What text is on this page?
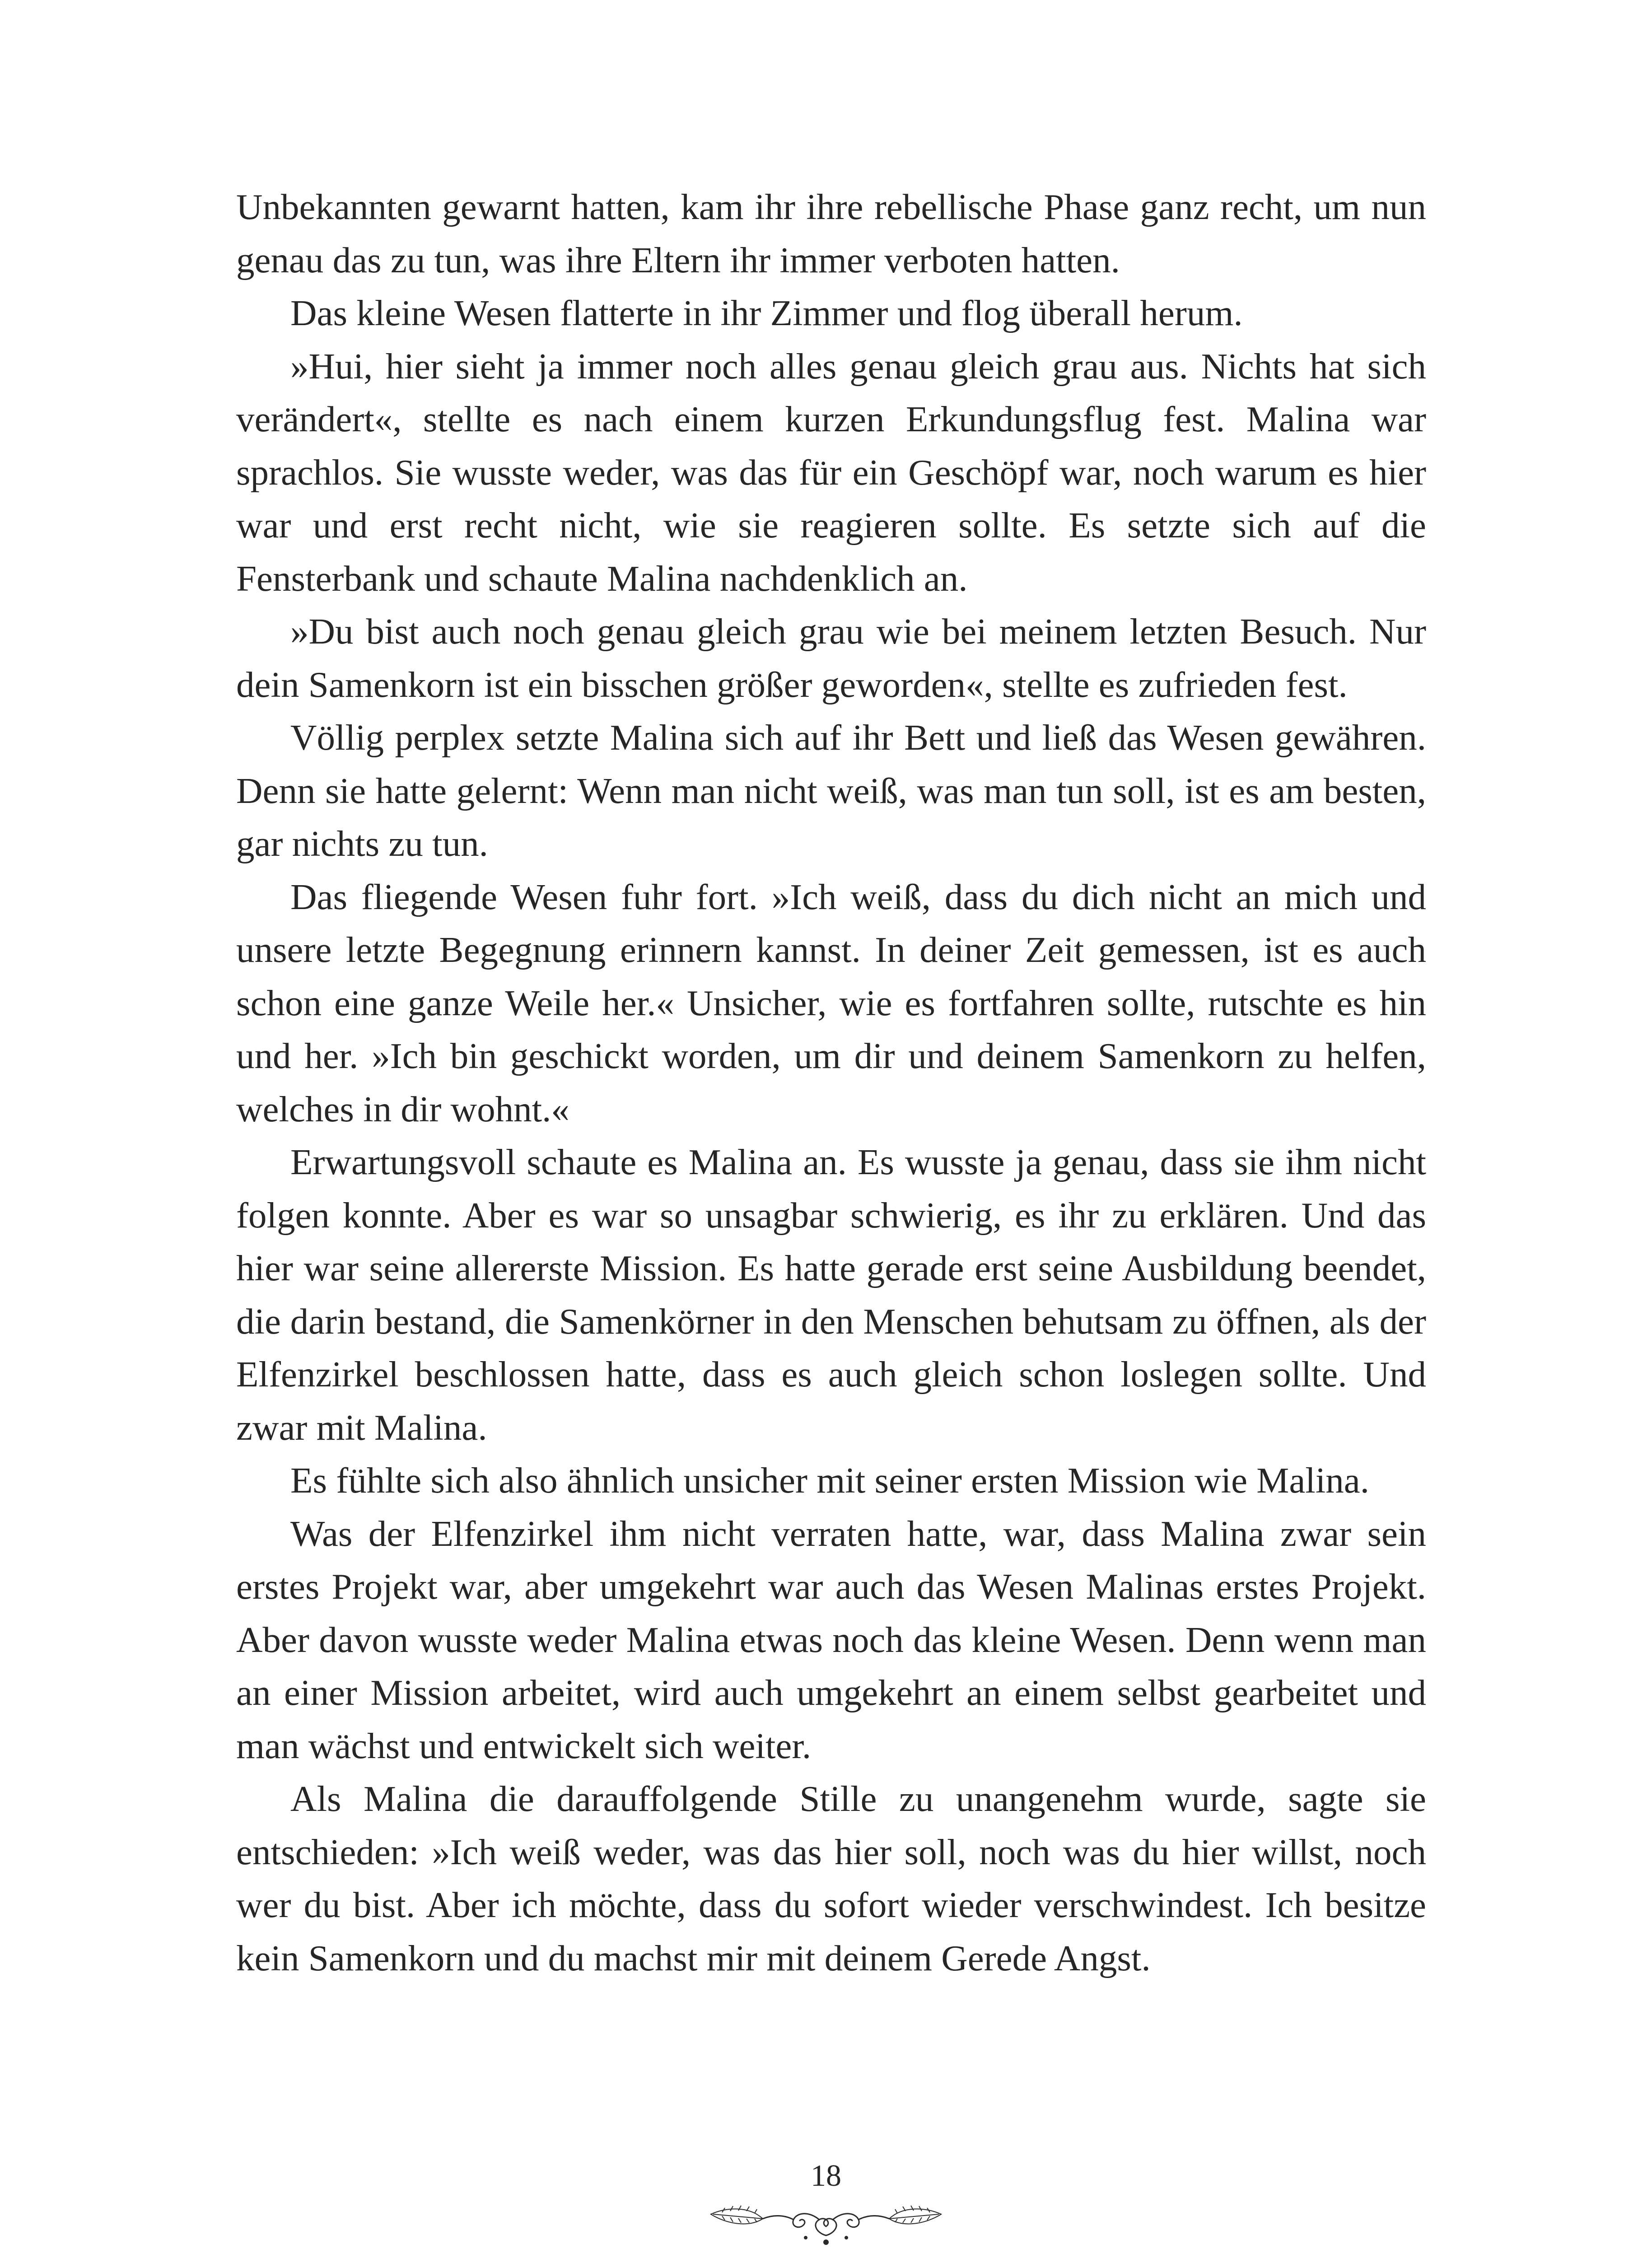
Unbekannten gewarnt hatten, kam ihr ihre rebellische Phase ganz recht, um nun genau das zu tun, was ihre Eltern ihr immer verboten hatten.

Das kleine Wesen flatterte in ihr Zimmer und flog überall herum.

»Hui, hier sieht ja immer noch alles genau gleich grau aus. Nichts hat sich verändert«, stellte es nach einem kurzen Erkundungsflug fest. Malina war sprachlos. Sie wusste weder, was das für ein Geschöpf war, noch warum es hier war und erst recht nicht, wie sie reagieren sollte. Es setzte sich auf die Fensterbank und schaute Malina nachdenklich an.

»Du bist auch noch genau gleich grau wie bei meinem letzten Besuch. Nur dein Samenkorn ist ein bisschen größer geworden«, stellte es zufrieden fest.

Völlig perplex setzte Malina sich auf ihr Bett und ließ das Wesen gewähren. Denn sie hatte gelernt: Wenn man nicht weiß, was man tun soll, ist es am besten, gar nichts zu tun.

Das fliegende Wesen fuhr fort. »Ich weiß, dass du dich nicht an mich und unsere letzte Begegnung erinnern kannst. In deiner Zeit gemessen, ist es auch schon eine ganze Weile her.« Unsicher, wie es fortfahren sollte, rutschte es hin und her. »Ich bin geschickt worden, um dir und deinem Samenkorn zu helfen, welches in dir wohnt.«

Erwartungsvoll schaute es Malina an. Es wusste ja genau, dass sie ihm nicht folgen konnte. Aber es war so unsagbar schwierig, es ihr zu erklären. Und das hier war seine allererste Mission. Es hatte gerade erst seine Ausbildung beendet, die darin bestand, die Samenkörner in den Menschen behutsam zu öffnen, als der Elfenzirkel beschlossen hatte, dass es auch gleich schon loslegen sollte. Und zwar mit Malina.

Es fühlte sich also ähnlich unsicher mit seiner ersten Mission wie Malina.

Was der Elfenzirkel ihm nicht verraten hatte, war, dass Malina zwar sein erstes Projekt war, aber umgekehrt war auch das Wesen Malinas erstes Projekt. Aber davon wusste weder Malina etwas noch das kleine Wesen. Denn wenn man an einer Mission arbeitet, wird auch umgekehrt an einem selbst gearbeitet und man wächst und entwickelt sich weiter.

Als Malina die darauffolgende Stille zu unangenehm wurde, sagte sie entschieden: »Ich weiß weder, was das hier soll, noch was du hier willst, noch wer du bist. Aber ich möchte, dass du sofort wieder verschwindest. Ich besitze kein Samenkorn und du machst mir mit deinem Gerede Angst.

18
